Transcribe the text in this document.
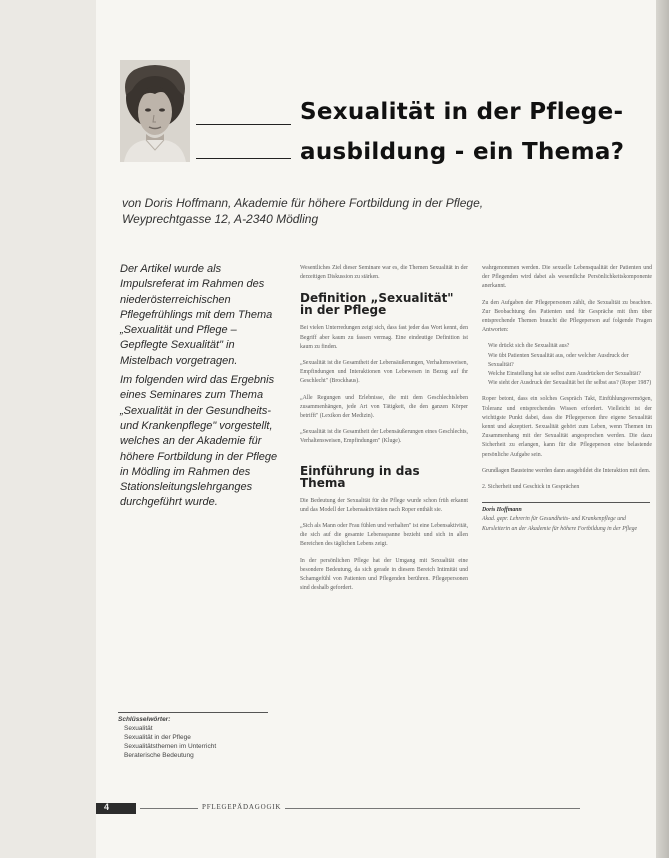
Sexualität in der Pflege-
ausbildung - ein Thema?
von Doris Hoffmann, Akademie für höhere Fortbildung in der Pflege,
Weyprechtgasse 12, A-2340 Mödling

Der Artikel wurde als Impulsreferat im Rahmen des niederösterreichischen Pflegefrühlings mit dem Thema „Sexualität und Pflege – Gepflegte Sexualität" in Mistelbach vorgetragen.

Im folgenden wird das Ergebnis eines Seminares zum Thema „Sexualität in der Gesundheits- und Krankenpflege" vorgestellt, welches an der Akademie für höhere Fortbildung in der Pflege in Mödling im Rahmen des Stationsleitungslehrganges durchgeführt wurde.

Schlüsselwörter:
Sexualität
Sexualität in der Pflege
Sexualitätsthemen im Unterricht
Beraterische Bedeutung

Wesentliches Ziel dieser Seminare war es, die Themen Sexualität in der derzeitigen Diskussion zu stärken.

Definition „Sexualität" in der Pflege

Bei vielen Unterredungen zeigt sich, dass fast jeder das Wort kennt, den Begriff aber kaum zu fassen vermag. Eine eindeutige Definition ist kaum zu finden.

„Sexualität ist die Gesamtheit der Lebensäußerungen, Verhaltensweisen, Empfindungen und Interaktionen von Lebewesen in Bezug auf ihr Geschlecht" (Brockhaus).

„Alle Regungen und Erlebnisse, die mit dem Geschlechtsleben zusammenhängen, jede Art von Tätigkeit, die den ganzen Körper betrifft" (Lexikon der Medizin).

„Sexualität ist die Gesamtheit der Lebensäußerungen eines Geschlechts, Verhaltensweisen, Empfindungen" (Kluge).

Einführung in das Thema

Die Bedeutung der Sexualität für die Pflege wurde schon früh erkannt und das Modell der Lebensaktivitäten nach Roper enthält sie.

„Sich als Mann oder Frau fühlen und verhalten" ist eine Lebensaktivität, die sich auf die gesamte Lebensspanne bezieht und sich in allen Bereichen des täglichen Lebens zeigt.

In der persönlichen Pflege hat der Umgang mit Sexualität eine besondere Bedeutung, da sich gerade in diesem Bereich Intimität und Schamgefühl von Patienten und Pflegenden berühren. Pflegepersonen sind deshalb gefordert.

wahrgenommen werden. Die sexuelle Lebensqualität der Patienten und der Pflegenden wird dabei als wesentliche Persönlichkeitskomponente anerkannt.

Zu den Aufgaben der Pflegepersonen zählt, die Sexualität zu beachten. Zur Beobachtung des Patienten und für Gespräche mit ihm über entsprechende Themen braucht die Pflegeperson auf folgende Fragen Antworten:

Wie drückt sich die Sexualität aus?
Wie übt Patienten Sexualität aus, oder welcher Ausdruck der Sexualität?
Welche Einstellung hat sie selbst zum Ausdrücken der Sexualität?
Wie sieht der Ausdruck der Sexualität bei ihr selbst aus? (Roper 1987)

Roper betont, dass ein solches Gespräch Takt, Einfühlungsvermögen, Toleranz und entsprechendes Wissen erfordert. Vielleicht ist der wichtigste Punkt dabei, dass die Pflegeperson ihre eigene Sexualität kennt und akzeptiert. Sexualität gehört zum Leben, wenn Themen im Zusammenhang mit der Sexualität angesprochen werden. Die dazu Sicherheit zu erlangen, kann für die Pflegeperson eine belastende persönliche Aufgabe sein.

Grundlagen Bausteine werden dann ausgebildet die Interaktion mit dem.

2. Sicherheit und Geschick in Gesprächen

Doris Hoffmann
Akad. gepr. Lehrerin für Gesundheits- und Krankenpflege und Kursleiterin an der Akademie für höhere Fortbildung in der Pflege
4	PFLEGEPÄDAGOGIK
